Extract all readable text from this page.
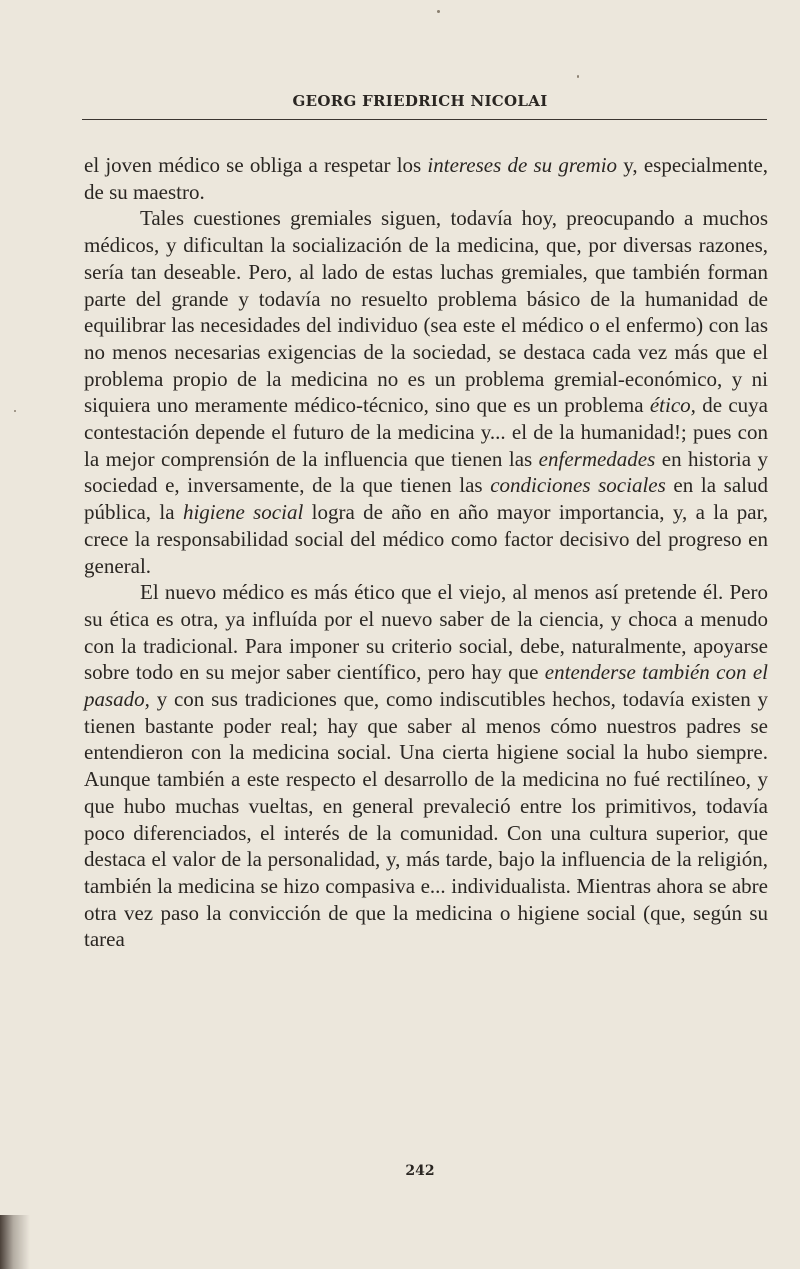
GEORG FRIEDRICH NICOLAI

el joven médico se obliga a respetar los intereses de su gremio y, especialmente, de su maestro.

Tales cuestiones gremiales siguen, todavía hoy, preocupando a muchos médicos, y dificultan la socialización de la medicina, que, por diversas razones, sería tan deseable. Pero, al lado de estas luchas gremiales, que también forman parte del grande y todavía no resuelto problema básico de la humanidad de equilibrar las necesidades del individuo (sea este el médico o el enfermo) con las no menos necesarias exigencias de la sociedad, se destaca cada vez más que el problema propio de la medicina no es un problema gremial-económico, y ni siquiera uno meramente médico-técnico, sino que es un problema ético, de cuya contestación depende el futuro de la medicina y... el de la humanidad!; pues con la mejor comprensión de la influencia que tienen las enfermedades en historia y sociedad e, inversamente, de la que tienen las condiciones sociales en la salud pública, la higiene social logra de año en año mayor importancia, y, a la par, crece la responsabilidad social del médico como factor decisivo del progreso en general.

El nuevo médico es más ético que el viejo, al menos así pretende él. Pero su ética es otra, ya influída por el nuevo saber de la ciencia, y choca a menudo con la tradicional. Para imponer su criterio social, debe, naturalmente, apoyarse sobre todo en su mejor saber científico, pero hay que entenderse también con el pasado, y con sus tradiciones que, como indiscutibles hechos, todavía existen y tienen bastante poder real; hay que saber al menos cómo nuestros padres se entendieron con la medicina social. Una cierta higiene social la hubo siempre. Aunque también a este respecto el desarrollo de la medicina no fué rectilíneo, y que hubo muchas vueltas, en general prevaleció entre los primitivos, todavía poco diferenciados, el interés de la comunidad. Con una cultura superior, que destaca el valor de la personalidad, y, más tarde, bajo la influencia de la religión, también la medicina se hizo compasiva e... individualista. Mientras ahora se abre otra vez paso la convicción de que la medicina o higiene social (que, según su tarea

242
